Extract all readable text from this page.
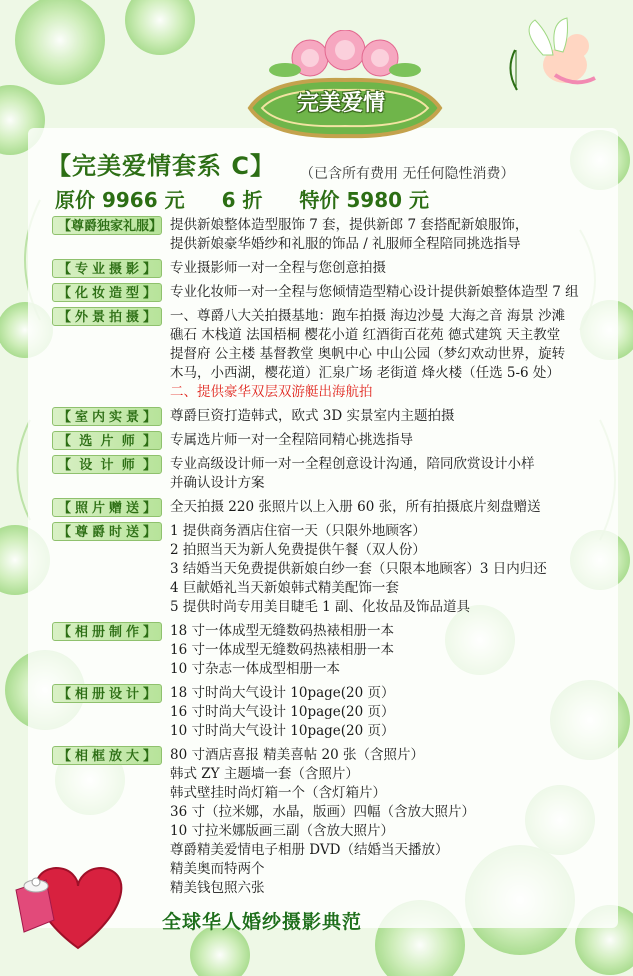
完美爱情
【完美爱情套系 C】 （已含所有费用 无任何隐性消费）
原价 9966 元 6 折 特价 5980 元
【尊爵独家礼服】 提供新娘整体造型服饰 7 套，提供新郎 7 套搭配新娘服饰，
提供新娘豪华婚纱和礼服的饰品 / 礼服师全程陪同挑选指导
【专业摄影】	专业摄影师一对一全程与您创意拍摄
【化妆造型】	专业化妆师一对一全程与您倾情造型精心设计提供新娘整体造型 7 组
【外景拍摄】	一、尊爵八大关拍摄基地：跑车拍摄 海边沙曼 大海之音 海景 沙滩
礁石 木栈道 法国梧桐 樱花小道 红酒街百花苑 德式建筑 天主教堂
提督府 公主楼 基督教堂 奥帆中心 中山公园（梦幻欢动世界，旋转
木马，小西湖，樱花道）汇泉广场 老街道 烽火楼（任选 5-6 处）
二、提供豪华双层双游艇出海航拍
【室内实景】	尊爵巨资打造韩式，欧式 3D 实景室内主题拍摄
【选片师】	专属选片师一对一全程陪同精心挑选指导
【设计师】	专业高级设计师一对一全程创意设计沟通，陪同欣赏设计小样
并确认设计方案
【照片赠送】	全天拍摄 220 张照片以上入册 60 张，所有拍摄底片刻盘赠送
【尊爵时送】	1 提供商务酒店住宿一天（只限外地顾客）
2 拍照当天为新人免费提供午餐（双人份）
3 结婚当天免费提供新娘白纱一套（只限本地顾客）3 日内归还
4 巨献婚礼当天新娘韩式精美配饰一套
5 提供时尚专用美目睫毛 1 副、化妆品及饰品道具
【相册制作】	18 寸一体成型无缝数码热裱相册一本
16 寸一体成型无缝数码热裱相册一本
10 寸杂志一体成型相册一本
【相册设计】	18 寸时尚大气设计 10page(20 页）
16 寸时尚大气设计 10page(20 页）
10 寸时尚大气设计 10page(20 页）
【相框放大】	80 寸酒店喜报 精美喜帖 20 张（含照片）
韩式 ZY 主题墙一套（含照片）
韩式壁挂时尚灯箱一个（含灯箱片）
36 寸（拉米娜，水晶，版画）四幅（含放大照片）
10 寸拉米娜版画三副（含放大照片）
尊爵精美爱情电子相册 DVD（结婚当天播放）
精美奥而特两个
精美钱包照六张
全球华人婚纱摄影典范
